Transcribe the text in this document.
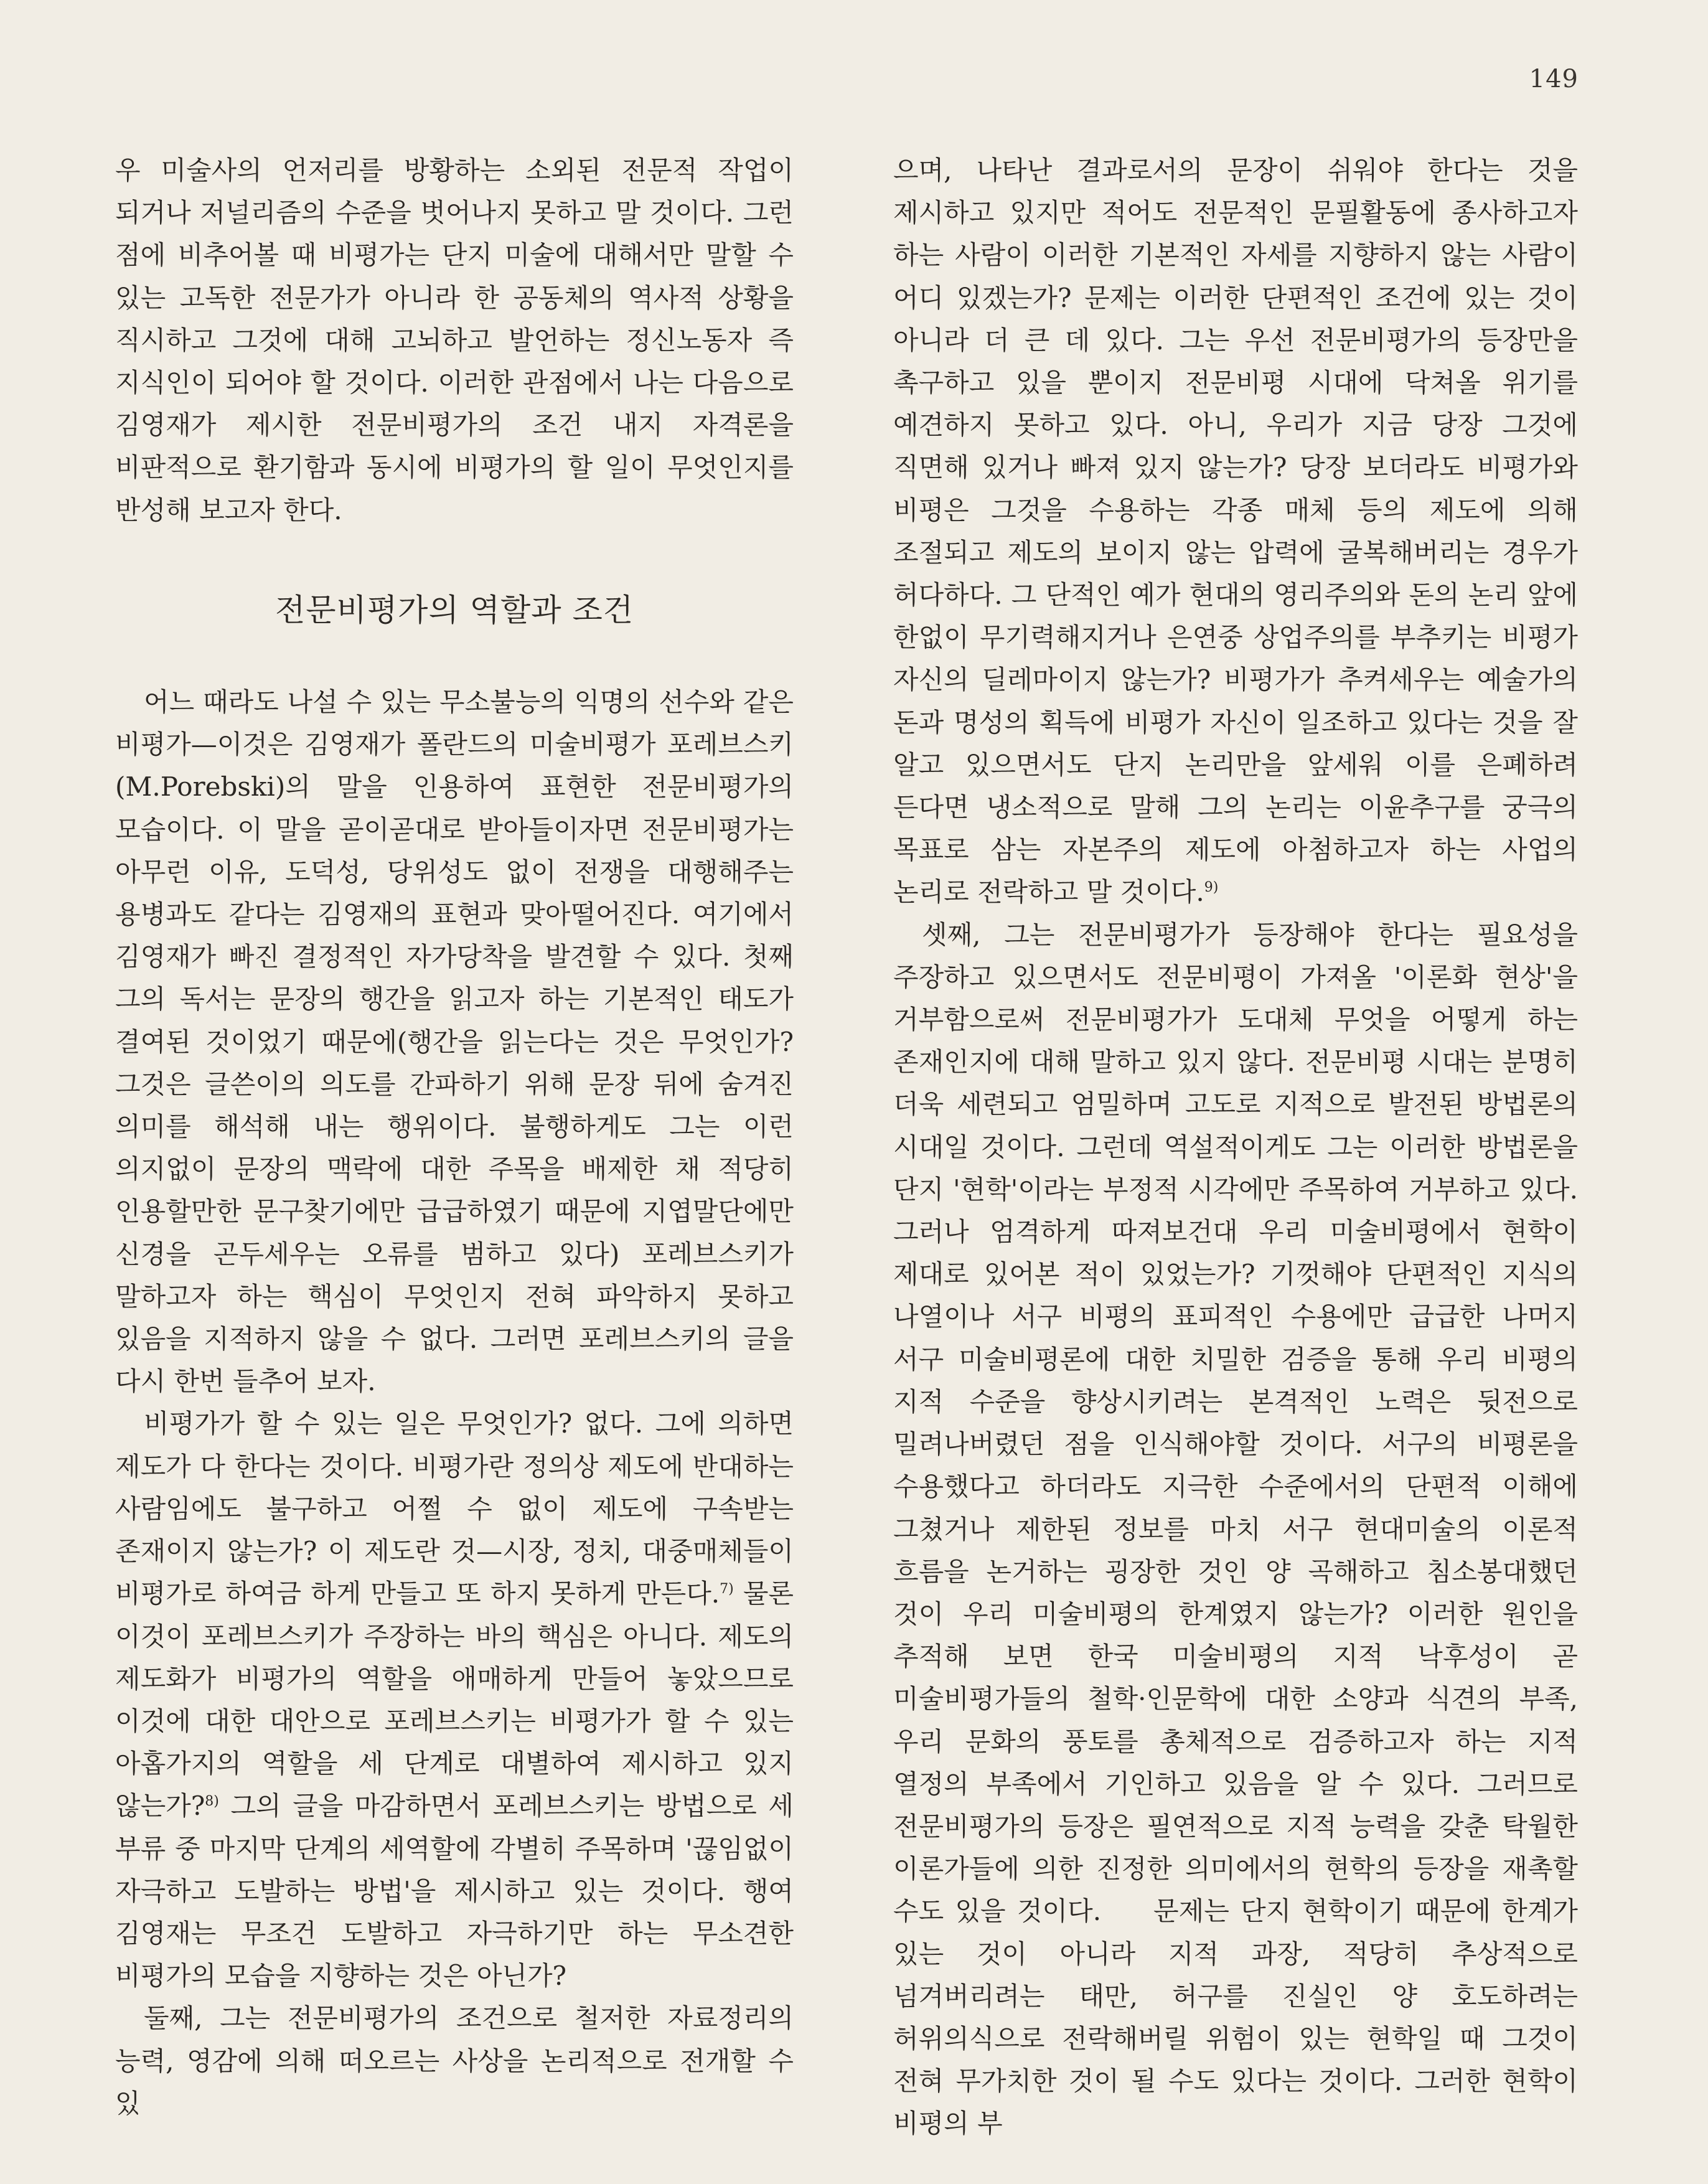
149

우 미술사의 언저리를 방황하는 소외된 전문적 작업이 되거나 저널리즘의 수준을 벗어나지 못하고 말 것이다. 그런 점에 비추어볼 때 비평가는 단지 미술에 대해서만 말할 수 있는 고독한 전문가가 아니라 한 공동체의 역사적 상황을 직시하고 그것에 대해 고뇌하고 발언하는 정신노동자 즉 지식인이 되어야 할 것이다. 이러한 관점에서 나는 다음으로 김영재가 제시한 전문비평가의 조건 내지 자격론을 비판적으로 환기함과 동시에 비평가의 할 일이 무엇인지를 반성해 보고자 한다.

전문비평가의 역할과 조건

어느 때라도 나설 수 있는 무소불능의 익명의 선수와 같은 비평가—이것은 김영재가 폴란드의 미술비평가 포레브스키(M.Porebski)의 말을 인용하여 표현한 전문비평가의 모습이다. 이 말을 곧이곧대로 받아들이자면 전문비평가는 아무런 이유, 도덕성, 당위성도 없이 전쟁을 대행해주는 용병과도 같다는 김영재의 표현과 맞아떨어진다. 여기에서 김영재가 빠진 결정적인 자가당착을 발견할 수 있다. 첫째 그의 독서는 문장의 행간을 읽고자 하는 기본적인 태도가 결여된 것이었기 때문에(행간을 읽는다는 것은 무엇인가? 그것은 글쓴이의 의도를 간파하기 위해 문장 뒤에 숨겨진 의미를 해석해 내는 행위이다. 불행하게도 그는 이런 의지없이 문장의 맥락에 대한 주목을 배제한 채 적당히 인용할만한 문구찾기에만 급급하였기 때문에 지엽말단에만 신경을 곤두세우는 오류를 범하고 있다) 포레브스키가 말하고자 하는 핵심이 무엇인지 전혀 파악하지 못하고 있음을 지적하지 않을 수 없다. 그러면 포레브스키의 글을 다시 한번 들추어 보자.

비평가가 할 수 있는 일은 무엇인가? 없다. 그에 의하면 제도가 다 한다는 것이다. 비평가란 정의상 제도에 반대하는 사람임에도 불구하고 어쩔 수 없이 제도에 구속받는 존재이지 않는가? 이 제도란 것—시장, 정치, 대중매체들이 비평가로 하여금 하게 만들고 또 하지 못하게 만든다.$^{7)}$ 물론 이것이 포레브스키가 주장하는 바의 핵심은 아니다. 제도의 제도화가 비평가의 역할을 애매하게 만들어 놓았으므로 이것에 대한 대안으로 포레브스키는 비평가가 할 수 있는 아홉가지의 역할을 세 단계로 대별하여 제시하고 있지 않는가?$^{8)}$ 그의 글을 마감하면서 포레브스키는 방법으로 세 부류 중 마지막 단계의 세역할에 각별히 주목하며 '끊임없이 자극하고 도발하는 방법'을 제시하고 있는 것이다. 행여 김영재는 무조건 도발하고 자극하기만 하는 무소견한 비평가의 모습을 지향하는 것은 아닌가?

둘째, 그는 전문비평가의 조건으로 철저한 자료정리의 능력, 영감에 의해 떠오르는 사상을 논리적으로 전개할 수 있

으며, 나타난 결과로서의 문장이 쉬워야 한다는 것을 제시하고 있지만 적어도 전문적인 문필활동에 종사하고자 하는 사람이 이러한 기본적인 자세를 지향하지 않는 사람이 어디 있겠는가? 문제는 이러한 단편적인 조건에 있는 것이 아니라 더 큰 데 있다. 그는 우선 전문비평가의 등장만을 촉구하고 있을 뿐이지 전문비평 시대에 닥쳐올 위기를 예견하지 못하고 있다. 아니, 우리가 지금 당장 그것에 직면해 있거나 빠져 있지 않는가? 당장 보더라도 비평가와 비평은 그것을 수용하는 각종 매체 등의 제도에 의해 조절되고 제도의 보이지 않는 압력에 굴복해버리는 경우가 허다하다. 그 단적인 예가 현대의 영리주의와 돈의 논리 앞에 한없이 무기력해지거나 은연중 상업주의를 부추키는 비평가 자신의 딜레마이지 않는가? 비평가가 추켜세우는 예술가의 돈과 명성의 획득에 비평가 자신이 일조하고 있다는 것을 잘 알고 있으면서도 단지 논리만을 앞세워 이를 은폐하려 든다면 냉소적으로 말해 그의 논리는 이윤추구를 궁극의 목표로 삼는 자본주의 제도에 아첨하고자 하는 사업의 논리로 전락하고 말 것이다.$^{9)}$

셋째, 그는 전문비평가가 등장해야 한다는 필요성을 주장하고 있으면서도 전문비평이 가져올 '이론화 현상'을 거부함으로써 전문비평가가 도대체 무엇을 어떻게 하는 존재인지에 대해 말하고 있지 않다. 전문비평 시대는 분명히 더욱 세련되고 엄밀하며 고도로 지적으로 발전된 방법론의 시대일 것이다. 그런데 역설적이게도 그는 이러한 방법론을 단지 '현학'이라는 부정적 시각에만 주목하여 거부하고 있다. 그러나 엄격하게 따져보건대 우리 미술비평에서 현학이 제대로 있어본 적이 있었는가? 기껏해야 단편적인 지식의 나열이나 서구 비평의 표피적인 수용에만 급급한 나머지 서구 미술비평론에 대한 치밀한 검증을 통해 우리 비평의 지적 수준을 향상시키려는 본격적인 노력은 뒷전으로 밀려나버렸던 점을 인식해야할 것이다. 서구의 비평론을 수용했다고 하더라도 지극한 수준에서의 단편적 이해에 그쳤거나 제한된 정보를 마치 서구 현대미술의 이론적 흐름을 논거하는 굉장한 것인 양 곡해하고 침소봉대했던 것이 우리 미술비평의 한계였지 않는가? 이러한 원인을 추적해 보면 한국 미술비평의 지적 낙후성이 곧 미술비평가들의 철학·인문학에 대한 소양과 식견의 부족, 우리 문화의 풍토를 총체적으로 검증하고자 하는 지적 열정의 부족에서 기인하고 있음을 알 수 있다. 그러므로 전문비평가의 등장은 필연적으로 지적 능력을 갖춘 탁월한 이론가들에 의한 진정한 의미에서의 현학의 등장을 재촉할 수도 있을 것이다.   문제는 단지 현학이기 때문에 한계가 있는 것이 아니라 지적 과장, 적당히 추상적으로 넘겨버리려는 태만, 허구를 진실인 양 호도하려는 허위의식으로 전락해버릴 위험이 있는 현학일 때 그것이 전혀 무가치한 것이 될 수도 있다는 것이다. 그러한 현학이 비평의 부
